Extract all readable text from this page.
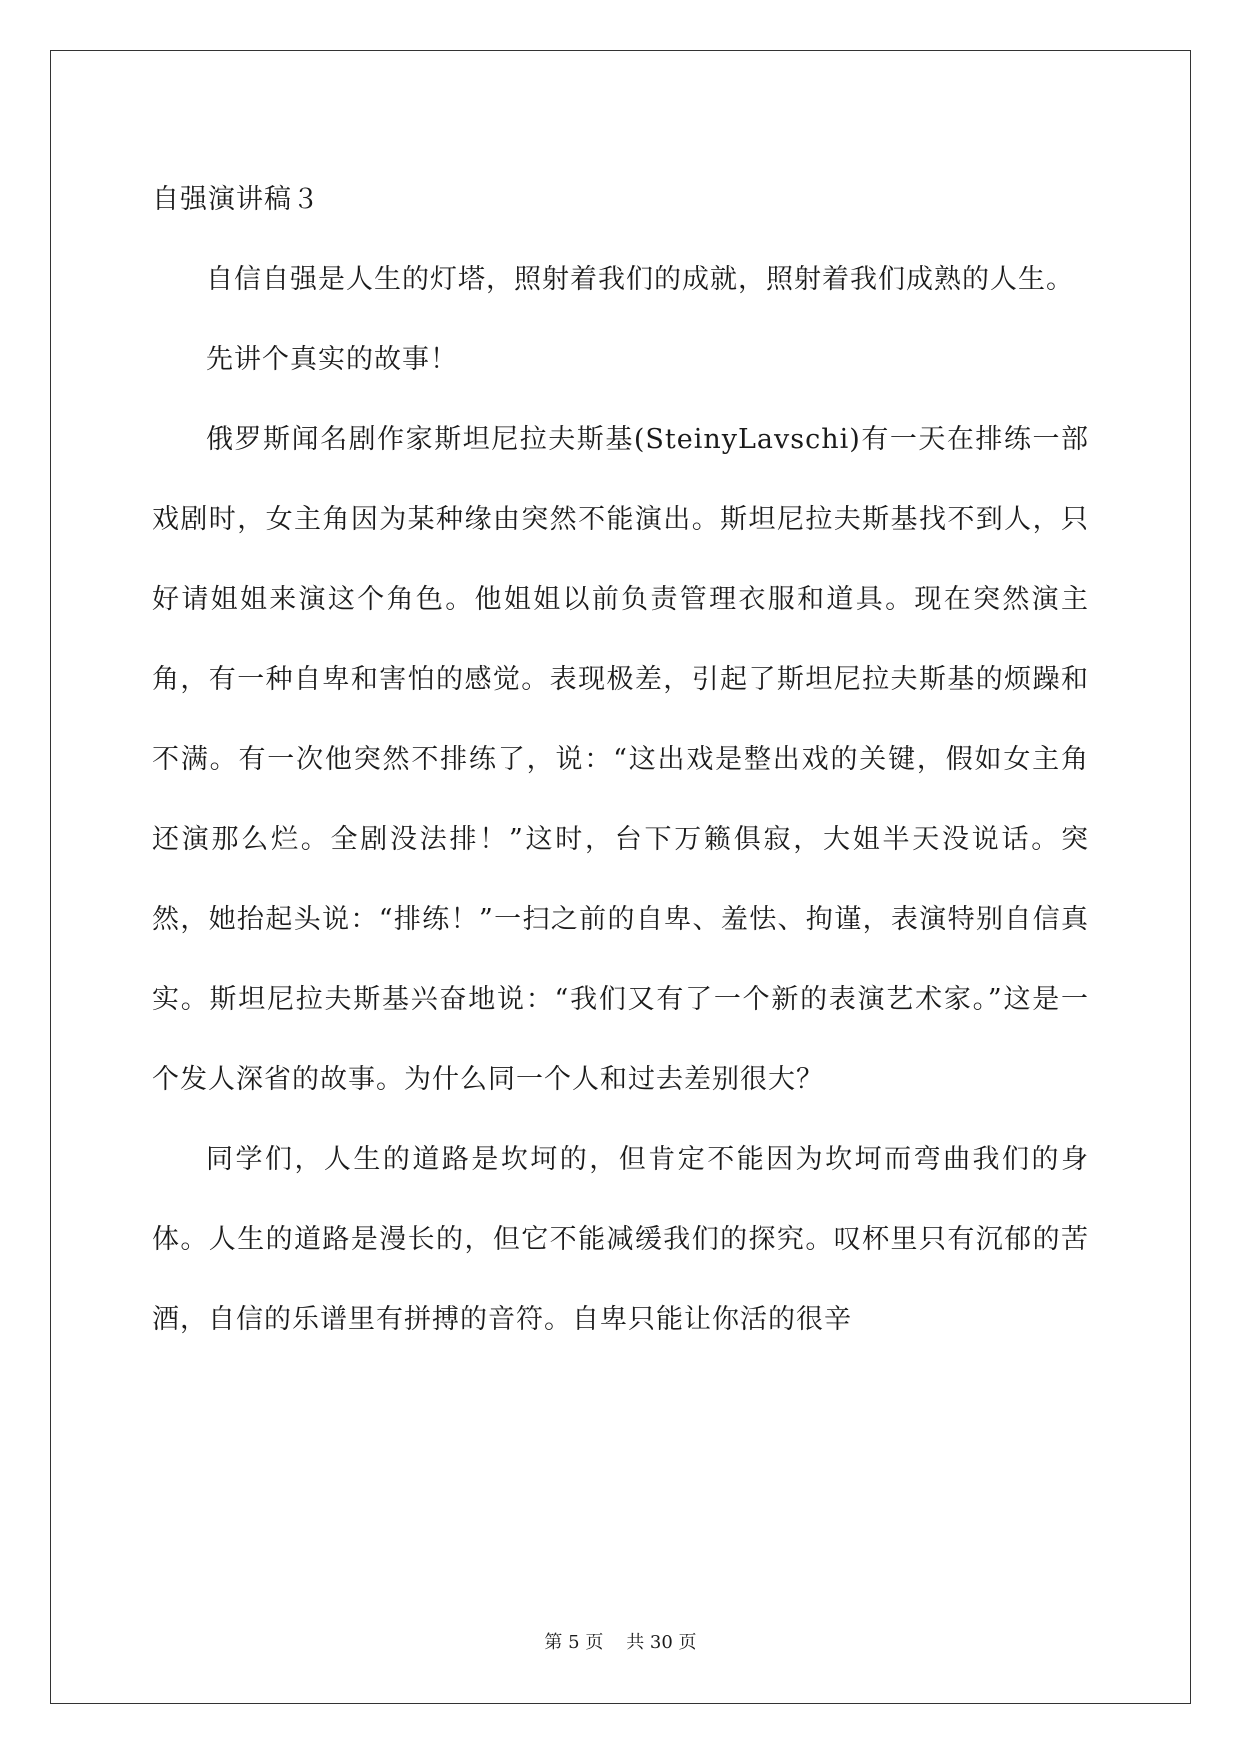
自强演讲稿３

自信自强是人生的灯塔，照射着我们的成就，照射着我们成熟的人生。

先讲个真实的故事！

俄罗斯闻名剧作家斯坦尼拉夫斯基(SteinyLavschi)有一天在排练一部戏剧时，女主角因为某种缘由突然不能演出。斯坦尼拉夫斯基找不到人，只好请姐姐来演这个角色。他姐姐以前负责管理衣服和道具。现在突然演主角，有一种自卑和害怕的感觉。表现极差，引起了斯坦尼拉夫斯基的烦躁和不满。有一次他突然不排练了，说：“这出戏是整出戏的关键，假如女主角还演那么烂。全剧没法排！”这时，台下万籁俱寂，大姐半天没说话。突然，她抬起头说：“排练！”一扫之前的自卑、羞怯、拘谨，表演特别自信真实。斯坦尼拉夫斯基兴奋地说：“我们又有了一个新的表演艺术家。”这是一个发人深省的故事。为什么同一个人和过去差别很大？

同学们，人生的道路是坎坷的，但肯定不能因为坎坷而弯曲我们的身体。人生的道路是漫长的，但它不能减缓我们的探究。叹杯里只有沉郁的苦酒，自信的乐谱里有拼搏的音符。自卑只能让你活的很辛

第 5 页    共 30 页
